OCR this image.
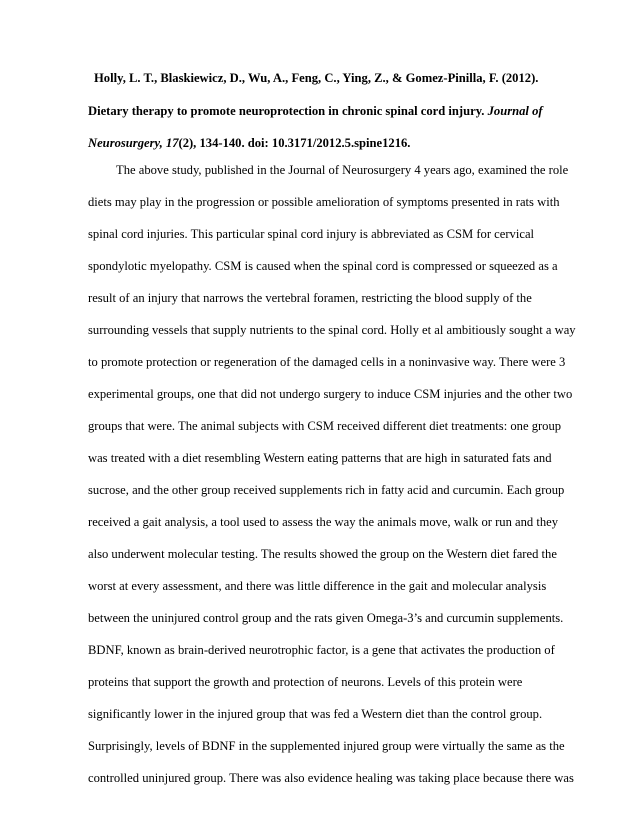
Holly, L. T., Blaskiewicz, D., Wu, A., Feng, C., Ying, Z., & Gomez-Pinilla, F. (2012).
Dietary therapy to promote neuroprotection in chronic spinal cord injury. Journal of
Neurosurgery, 17(2), 134-140. doi: 10.3171/2012.5.spine1216.
The above study, published in the Journal of Neurosurgery 4 years ago, examined the role
diets may play in the progression or possible amelioration of symptoms presented in rats with
spinal cord injuries. This particular spinal cord injury is abbreviated as CSM for cervical
spondylotic myelopathy. CSM is caused when the spinal cord is compressed or squeezed as a
result of an injury that narrows the vertebral foramen, restricting the blood supply of the
surrounding vessels that supply nutrients to the spinal cord. Holly et al ambitiously sought a way
to promote protection or regeneration of the damaged cells in a noninvasive way. There were 3
experimental groups, one that did not undergo surgery to induce CSM injuries and the other two
groups that were. The animal subjects with CSM received different diet treatments: one group
was treated with a diet resembling Western eating patterns that are high in saturated fats and
sucrose, and the other group received supplements rich in fatty acid and curcumin. Each group
received a gait analysis, a tool used to assess the way the animals move, walk or run and they
also underwent molecular testing. The results showed the group on the Western diet fared the
worst at every assessment, and there was little difference in the gait and molecular analysis
between the uninjured control group and the rats given Omega-3’s and curcumin supplements.
BDNF, known as brain-derived neurotrophic factor, is a gene that activates the production of
proteins that support the growth and protection of neurons. Levels of this protein were
significantly lower in the injured group that was fed a Western diet than the control group.
Surprisingly, levels of BDNF in the supplemented injured group were virtually the same as the
controlled uninjured group. There was also evidence healing was taking place because there was
